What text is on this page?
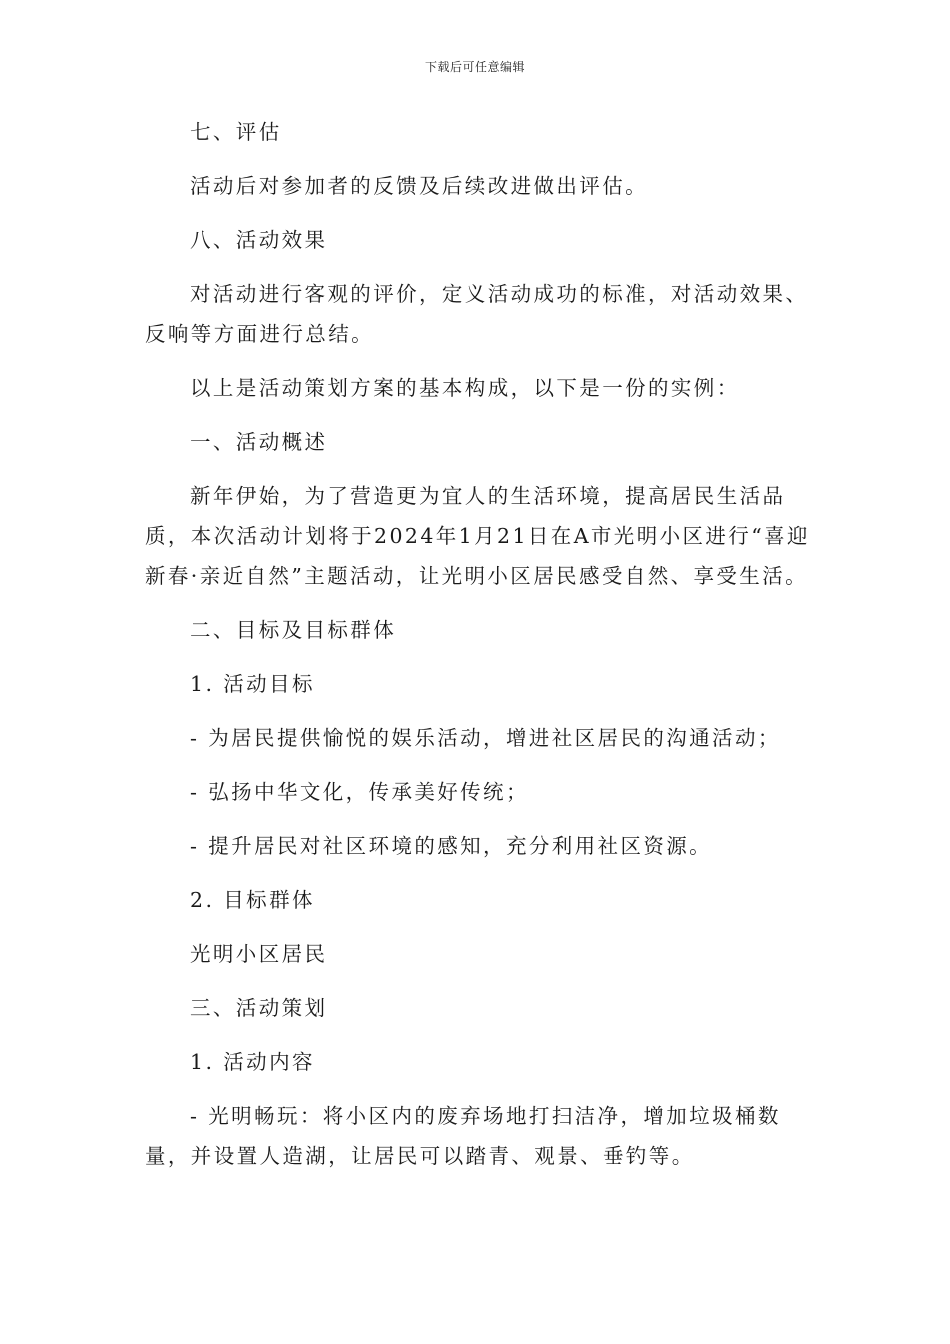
下载后可任意编辑

七、评估

活动后对参加者的反馈及后续改进做出评估。

八、活动效果

对活动进行客观的评价，定义活动成功的标准，对活动效果、反响等方面进行总结。

以上是活动策划方案的基本构成，以下是一份的实例：

一、活动概述

新年伊始，为了营造更为宜人的生活环境，提高居民生活品质，本次活动计划将于2024年1月21日在A市光明小区进行“喜迎新春·亲近自然”主题活动，让光明小区居民感受自然、享受生活。

二、目标及目标群体

1. 活动目标

- 为居民提供愉悦的娱乐活动，增进社区居民的沟通活动；

- 弘扬中华文化，传承美好传统；

- 提升居民对社区环境的感知，充分利用社区资源。

2. 目标群体

光明小区居民

三、活动策划

1. 活动内容

- 光明畅玩：将小区内的废弃场地打扫洁净，增加垃圾桶数量，并设置人造湖，让居民可以踏青、观景、垂钓等。
